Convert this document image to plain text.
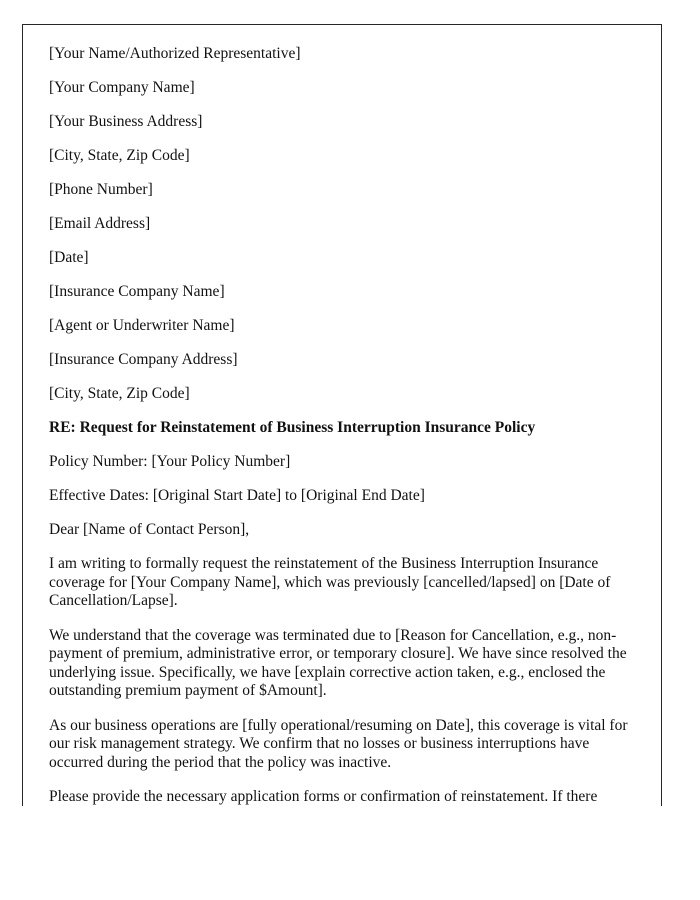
[Your Name/Authorized Representative]

[Your Company Name]

[Your Business Address]

[City, State, Zip Code]

[Phone Number]

[Email Address]

[Date]

[Insurance Company Name]

[Agent or Underwriter Name]

[Insurance Company Address]

[City, State, Zip Code]

RE: Request for Reinstatement of Business Interruption Insurance Policy

Policy Number: [Your Policy Number]

Effective Dates: [Original Start Date] to [Original End Date]

Dear [Name of Contact Person],

I am writing to formally request the reinstatement of the Business Interruption Insurance coverage for [Your Company Name], which was previously [cancelled/lapsed] on [Date of Cancellation/Lapse].

We understand that the coverage was terminated due to [Reason for Cancellation, e.g., non-payment of premium, administrative error, or temporary closure]. We have since resolved the underlying issue. Specifically, we have [explain corrective action taken, e.g., enclosed the outstanding premium payment of $Amount].

As our business operations are [fully operational/resuming on Date], this coverage is vital for our risk management strategy. We confirm that no losses or business interruptions have occurred during the period that the policy was inactive.

Please provide the necessary application forms or confirmation of reinstatement. If there
